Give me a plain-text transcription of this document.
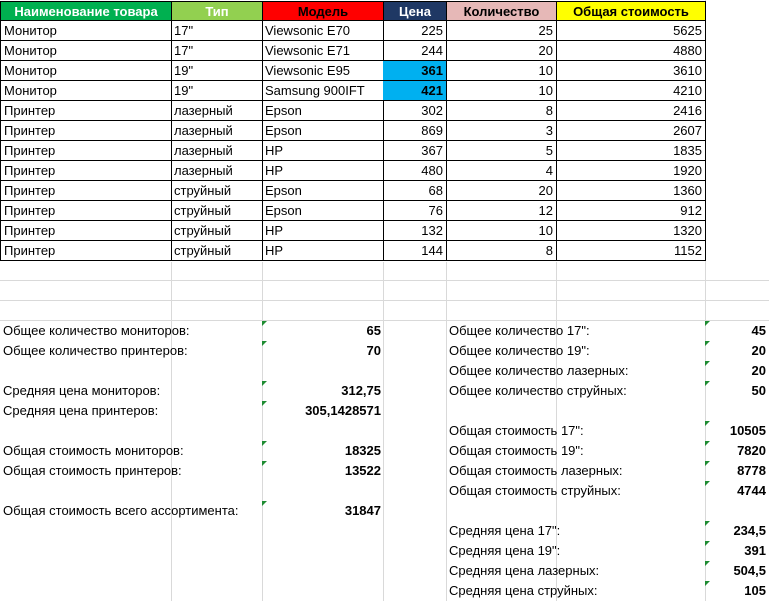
Наименование товара	Тип	Модель	Цена	Количество	Общая стоимость
Монитор	17"	Viewsonic E70	225	25	5625
Монитор	17"	Viewsonic E71	244	20	4880
Монитор	19"	Viewsonic E95	361	10	3610
Монитор	19"	Samsung 900IFT	421	10	4210
Принтер	лазерный	Epson	302	8	2416
Принтер	лазерный	Epson	869	3	2607
Принтер	лазерный	HP	367	5	1835
Принтер	лазерный	HP	480	4	1920
Принтер	струйный	Epson	68	20	1360
Принтер	струйный	Epson	76	12	912
Принтер	струйный	HP	132	10	1320
Принтер	струйный	HP	144	8	1152
Общее количество мониторов:	65
Общее количество принтеров:	70
Средняя цена мониторов:	312,75
Средняя цена принтеров:	305,1428571
Общая стоимость мониторов:	18325
Общая стоимость принтеров:	13522
Общая стоимость всего ассортимента:	31847
Общее количество 17":	45
Общее количество 19":	20
Общее количество лазерных:	20
Общее количество струйных:	50
Общая стоимость 17":	10505
Общая стоимость 19":	7820
Общая стоимость лазерных:	8778
Общая стоимость струйных:	4744
Средняя цена 17":	234,5
Средняя цена 19":	391
Средняя цена лазерных:	504,5
Средняя цена струйных:	105
